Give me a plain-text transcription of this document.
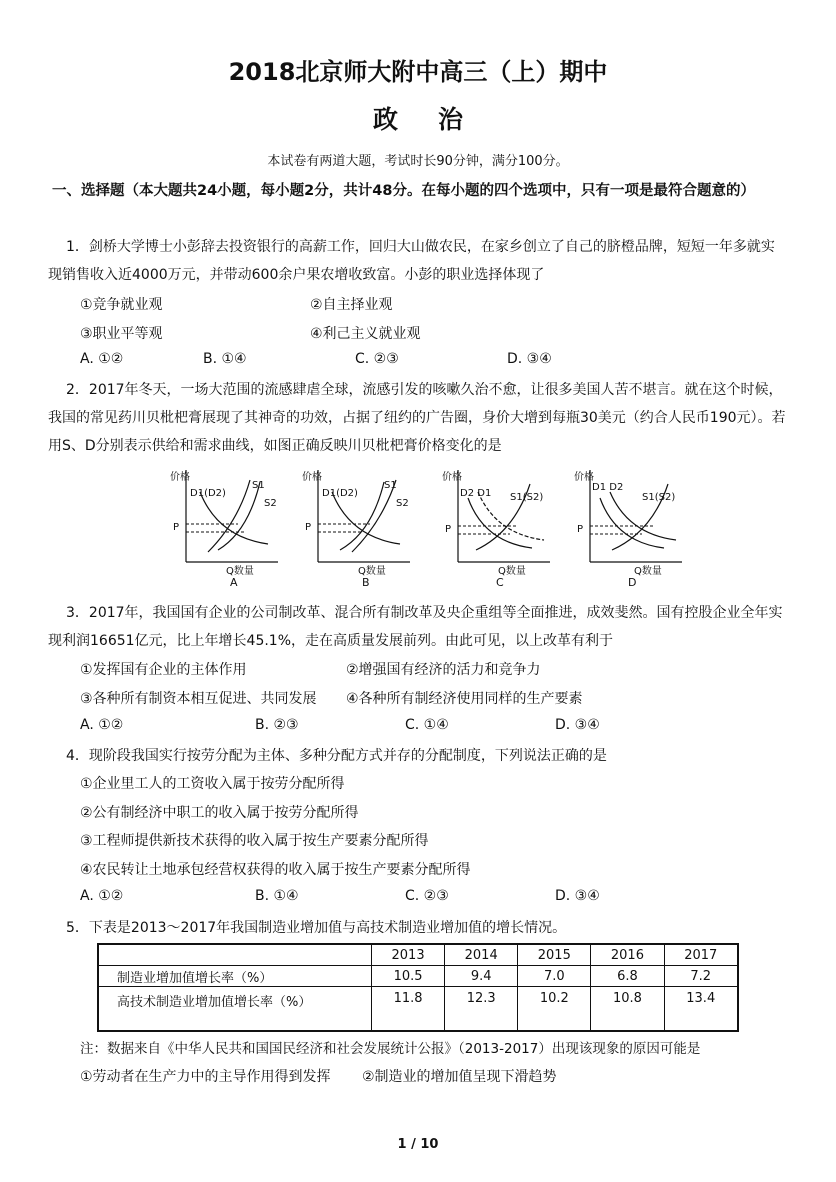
2018北京师大附中高三（上）期中
政治
本试卷有两道大题，考试时长90分钟，满分100分。
一、选择题（本大题共24小题，每小题2分，共计48分。在每小题的四个选项中，只有一项是最符合题意的）
1．剑桥大学博士小彭辞去投资银行的高薪工作，回归大山做农民，在家乡创立了自己的脐橙品牌，短短一年多就实现销售收入近4000万元，并带动600余户果农增收致富。小彭的职业选择体现了
①竞争就业观	②自主择业观
③职业平等观	④利己主义就业观
A. ①②	B. ①④	C. ②③	D. ③④
2．2017年冬天，一场大范围的流感肆虐全球，流感引发的咳嗽久治不愈，让很多美国人苦不堪言。就在这个时候，我国的常见药川贝枇杷膏展现了其神奇的功效，占据了纽约的广告圈，身价大增到每瓶30美元（约合人民币190元）。若用S、D分别表示供给和需求曲线，如图正确反映川贝枇杷膏价格变化的是
价格
D1(D2)
S1
S2
P
Q数量
A
价格
D1(D2)
S1
S2
P
Q数量
B
价格
D2 D1 S1(S2)
P
Q数量
C
价格
D1 D2
S1(S2)
P
Q数量
D
3．2017年，我国国有企业的公司制改革、混合所有制改革及央企重组等全面推进，成效斐然。国有控股企业全年实现利润16651亿元，比上年增长45.1%，走在高质量发展前列。由此可见，以上改革有利于
①发挥国有企业的主体作用	②增强国有经济的活力和竞争力
③各种所有制资本相互促进、共同发展 ④各种所有制经济使用同样的生产要素
A. ①②	B. ②③	C. ①④	D. ③④
4．现阶段我国实行按劳分配为主体、多种分配方式并存的分配制度，下列说法正确的是
①企业里工人的工资收入属于按劳分配所得
②公有制经济中职工的收入属于按劳分配所得
③工程师提供新技术获得的收入属于按生产要素分配所得
④农民转让土地承包经营权获得的收入属于按生产要素分配所得
A. ①②	B. ①④	C. ②③	D. ③④
5．下表是2013～2017年我国制造业增加值与高技术制造业增加值的增长情况。
	2013	2014	2015	2016	2017
制造业增加值增长率（%）	10.5	9.4	7.0	6.8	7.2
高技术制造业增加值增长率（%）	11.8	12.3	10.2	10.8	13.4
注：数据来自《中华人民共和国国民经济和社会发展统计公报》（2013-2017）出现该现象的原因可能是
①劳动者在生产力中的主导作用得到发挥 ②制造业的增加值呈现下滑趋势
1 / 10
